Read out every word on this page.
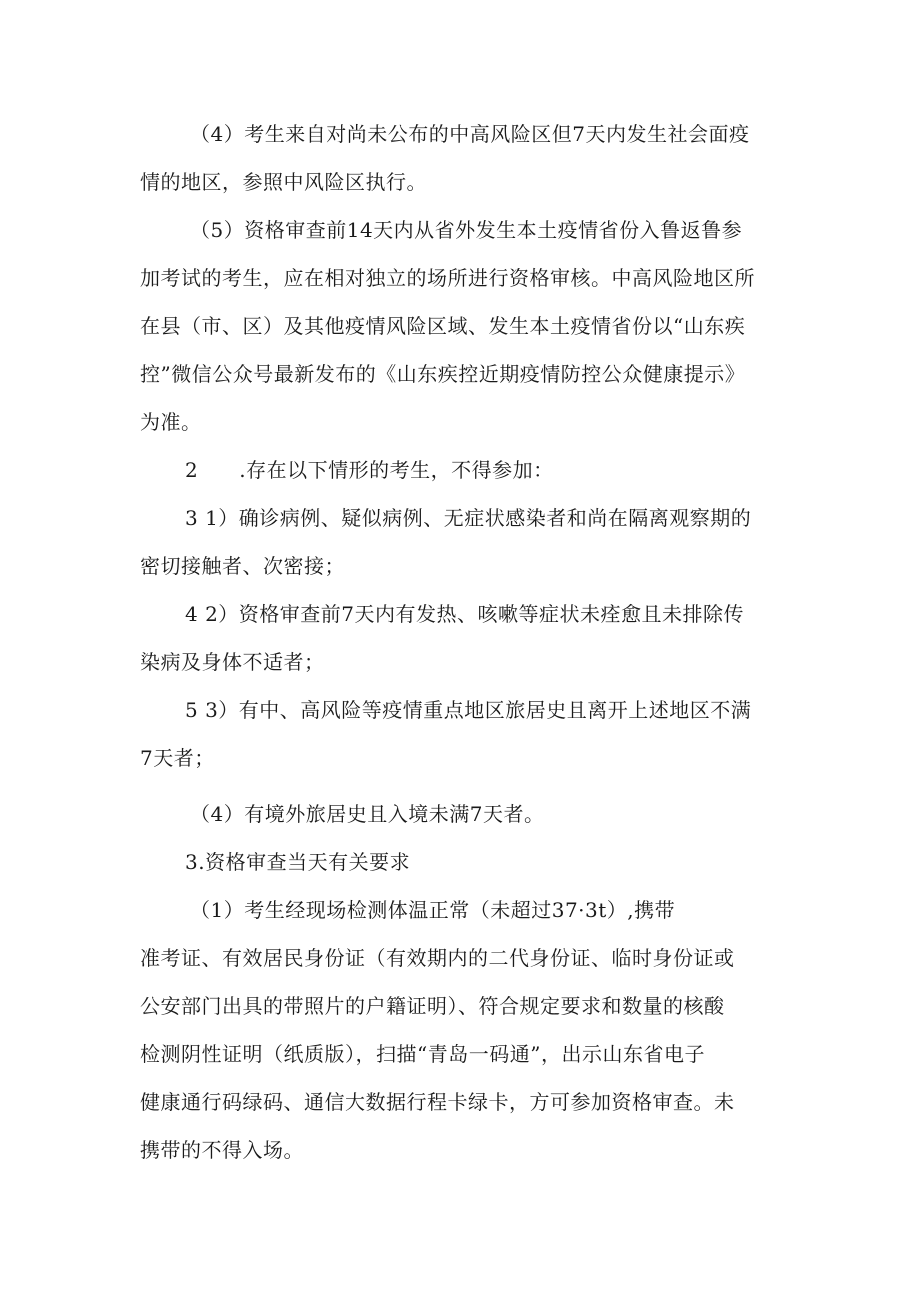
（4）考生来自对尚未公布的中高风险区但7天内发生社会面疫
情的地区，参照中风险区执行。
（5）资格审查前14天内从省外发生本土疫情省份入鲁返鲁参
加考试的考生，应在相对独立的场所进行资格审核。中高风险地区所
在县（市、区）及其他疫情风险区域、发生本土疫情省份以“山东疾
控”微信公众号最新发布的《山东疾控近期疫情防控公众健康提示》
为准。
2　　.存在以下情形的考生，不得参加：
3 1）确诊病例、疑似病例、无症状感染者和尚在隔离观察期的
密切接触者、次密接；
4 2）资格审查前7天内有发热、咳嗽等症状未痊愈且未排除传
染病及身体不适者；
5 3）有中、高风险等疫情重点地区旅居史且离开上述地区不满
7天者；
（4）有境外旅居史且入境未满7天者。
3.资格审查当天有关要求
（1）考生经现场检测体温正常（未超过37·3t）,携带
准考证、有效居民身份证（有效期内的二代身份证、临时身份证或
公安部门出具的带照片的户籍证明）、符合规定要求和数量的核酸
检测阴性证明（纸质版），扫描“青岛一码通”，出示山东省电子
健康通行码绿码、通信大数据行程卡绿卡，方可参加资格审查。未
携带的不得入场。
